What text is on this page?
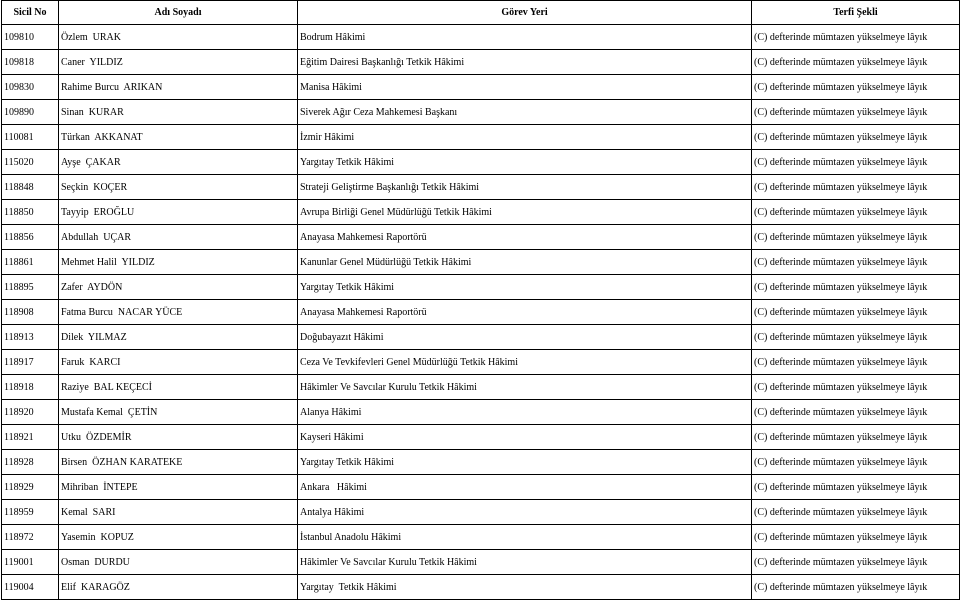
Sicil No	Adı Soyadı	Görev Yeri	Terfi Şekli
109810	Özlem  URAK	Bodrum Hâkimi	(C) defterinde mümtazen yükselmeye lâyık
109818	Caner  YILDIZ	Eğitim Dairesi Başkanlığı Tetkik Hâkimi	(C) defterinde mümtazen yükselmeye lâyık
109830	Rahime Burcu  ARIKAN	Manisa Hâkimi	(C) defterinde mümtazen yükselmeye lâyık
109890	Sinan  KURAR	Siverek Ağır Ceza Mahkemesi Başkanı	(C) defterinde mümtazen yükselmeye lâyık
110081	Türkan  AKKANAT	İzmir Hâkimi	(C) defterinde mümtazen yükselmeye lâyık
115020	Ayşe  ÇAKAR	Yargıtay Tetkik Hâkimi	(C) defterinde mümtazen yükselmeye lâyık
118848	Seçkin  KOÇER	Strateji Geliştirme Başkanlığı Tetkik Hâkimi	(C) defterinde mümtazen yükselmeye lâyık
118850	Tayyip  EROĞLU	Avrupa Birliği Genel Müdürlüğü Tetkik Hâkimi	(C) defterinde mümtazen yükselmeye lâyık
118856	Abdullah  UÇAR	Anayasa Mahkemesi Raportörü	(C) defterinde mümtazen yükselmeye lâyık
118861	Mehmet Halil  YILDIZ	Kanunlar Genel Müdürlüğü Tetkik Hâkimi	(C) defterinde mümtazen yükselmeye lâyık
118895	Zafer  AYDÖN	Yargıtay Tetkik Hâkimi	(C) defterinde mümtazen yükselmeye lâyık
118908	Fatma Burcu  NACAR YÜCE	Anayasa Mahkemesi Raportörü	(C) defterinde mümtazen yükselmeye lâyık
118913	Dilek  YILMAZ	Doğubayazıt Hâkimi	(C) defterinde mümtazen yükselmeye lâyık
118917	Faruk  KARCI	Ceza Ve Tevkifevleri Genel Müdürlüğü Tetkik Hâkimi	(C) defterinde mümtazen yükselmeye lâyık
118918	Raziye  BAL KEÇECİ	Hâkimler Ve Savcılar Kurulu Tetkik Hâkimi	(C) defterinde mümtazen yükselmeye lâyık
118920	Mustafa Kemal  ÇETİN	Alanya Hâkimi	(C) defterinde mümtazen yükselmeye lâyık
118921	Utku  ÖZDEMİR	Kayseri Hâkimi	(C) defterinde mümtazen yükselmeye lâyık
118928	Birsen  ÖZHAN KARATEKE	Yargıtay Tetkik Hâkimi	(C) defterinde mümtazen yükselmeye lâyık
118929	Mihriban  İNTEPE	Ankara   Hâkimi	(C) defterinde mümtazen yükselmeye lâyık
118959	Kemal  SARI	Antalya Hâkimi	(C) defterinde mümtazen yükselmeye lâyık
118972	Yasemin  KOPUZ	İstanbul Anadolu Hâkimi	(C) defterinde mümtazen yükselmeye lâyık
119001	Osman  DURDU	Hâkimler Ve Savcılar Kurulu Tetkik Hâkimi	(C) defterinde mümtazen yükselmeye lâyık
119004	Elif  KARAGÖZ	Yargıtay  Tetkik Hâkimi	(C) defterinde mümtazen yükselmeye lâyık
